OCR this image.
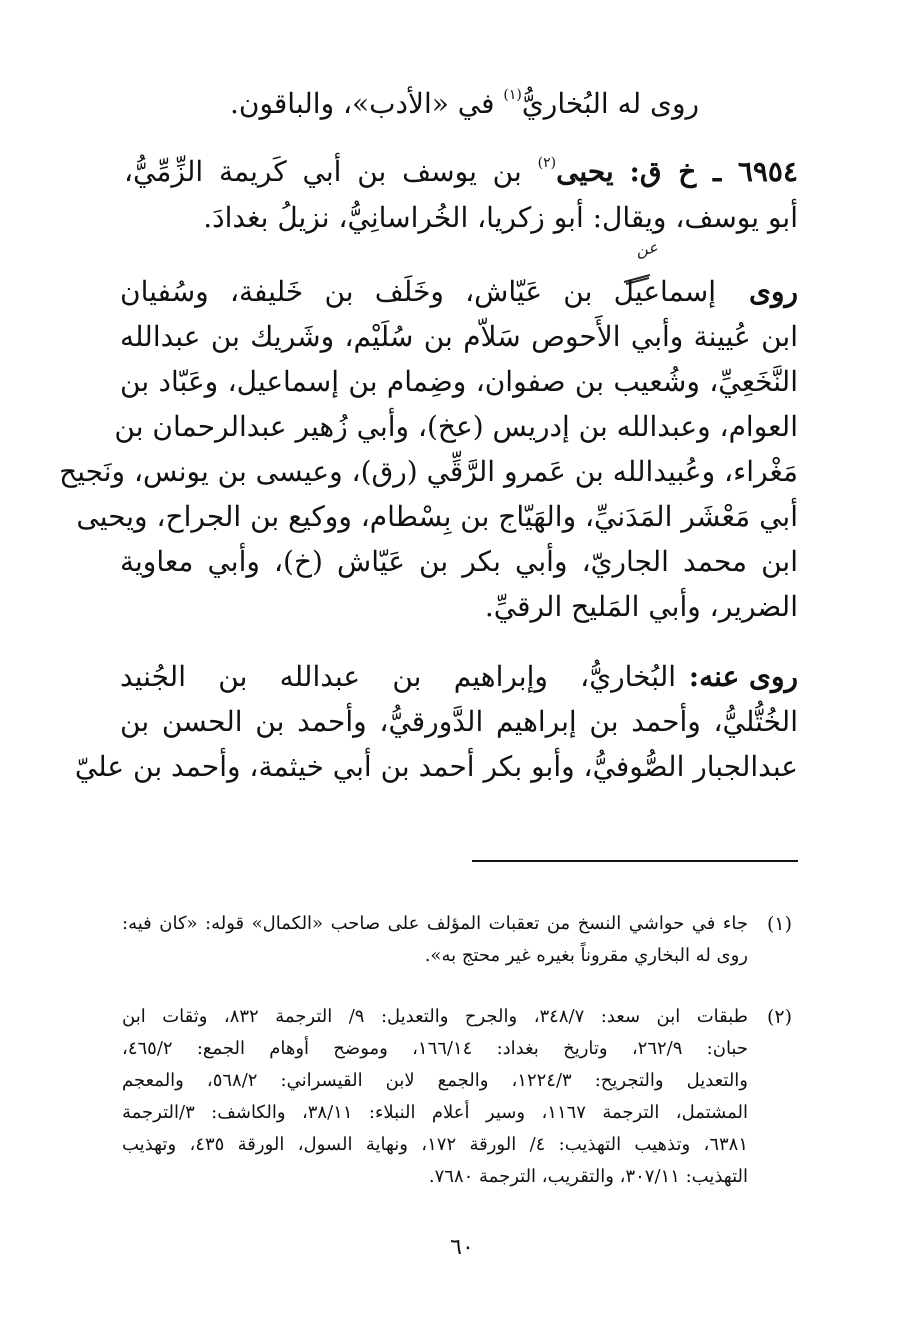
روى له البُخاريُّ$^{(١)}$ في «الأدب»، والباقون.
٦٩٥٤ ـ خ ق: يحيى$^{(٢)}$ بن يوسف بن أبي كَريمة الزِّمِّيُّ،
أبو يوسف، ويقال: أبو زكريا، الخُراسانِيُّ، نزيلُ بغدادَ.
عن
روى
إسماعيل بن عَيّاش، وخَلَف بن خَليفة، وسُفيان
ابن عُيينة وأبي الأَحوص سَلاّم بن سُلَيْم، وشَريك بن عبدالله
النَّخَعِيِّ، وشُعيب بن صفوان، وضِمام بن إسماعيل، وعَبّاد بن
العوام، وعبدالله بن إدريس (عخ)، وأبي زُهير عبدالرحمان بن
مَغْراء، وعُبيدالله بن عَمرو الرَّقِّي (رق)، وعيسى بن يونس، ونَجيح
أبي مَعْشَر المَدَنيِّ، والهَيّاج بن بِسْطام، ووكيع بن الجراح، ويحيى
ابن محمد الجاريّ، وأبي بكر بن عَيّاش (خ)، وأبي معاوية
الضرير، وأبي المَليح الرقيِّ.
روى عنه:
البُخاريُّ، وإبراهيم بن عبدالله بن الجُنيد
الخُتُّليُّ، وأحمد بن إبراهيم الدَّورقيُّ، وأحمد بن الحسن بن
عبدالجبار الصُّوفيُّ، وأبو بكر أحمد بن أبي خيثمة، وأحمد بن عليّ
(١)
جاء في حواشي النسخ من تعقبات المؤلف على صاحب «الكمال» قوله: «كان فيه:
روى له البخاري مقروناً بغيره غير محتج به».
(٢)
طبقات ابن سعد: ٣٤٨/٧، والجرح والتعديل: ٩/ الترجمة ٨٣٢، وثقات ابن
حبان: ٢٦٢/٩، وتاريخ بغداد: ١٦٦/١٤، وموضح أوهام الجمع: ٤٦٥/٢،
والتعديل والتجريح: ١٢٢٤/٣، والجمع لابن القيسراني: ٥٦٨/٢، والمعجم
المشتمل، الترجمة ١١٦٧، وسير أعلام النبلاء: ٣٨/١١، والكاشف: ٣/الترجمة
٦٣٨١، وتذهيب التهذيب: ٤/ الورقة ١٧٢، ونهاية السول، الورقة ٤٣٥، وتهذيب
التهذيب: ٣٠٧/١١، والتقريب، الترجمة ٧٦٨٠.
٦٠
